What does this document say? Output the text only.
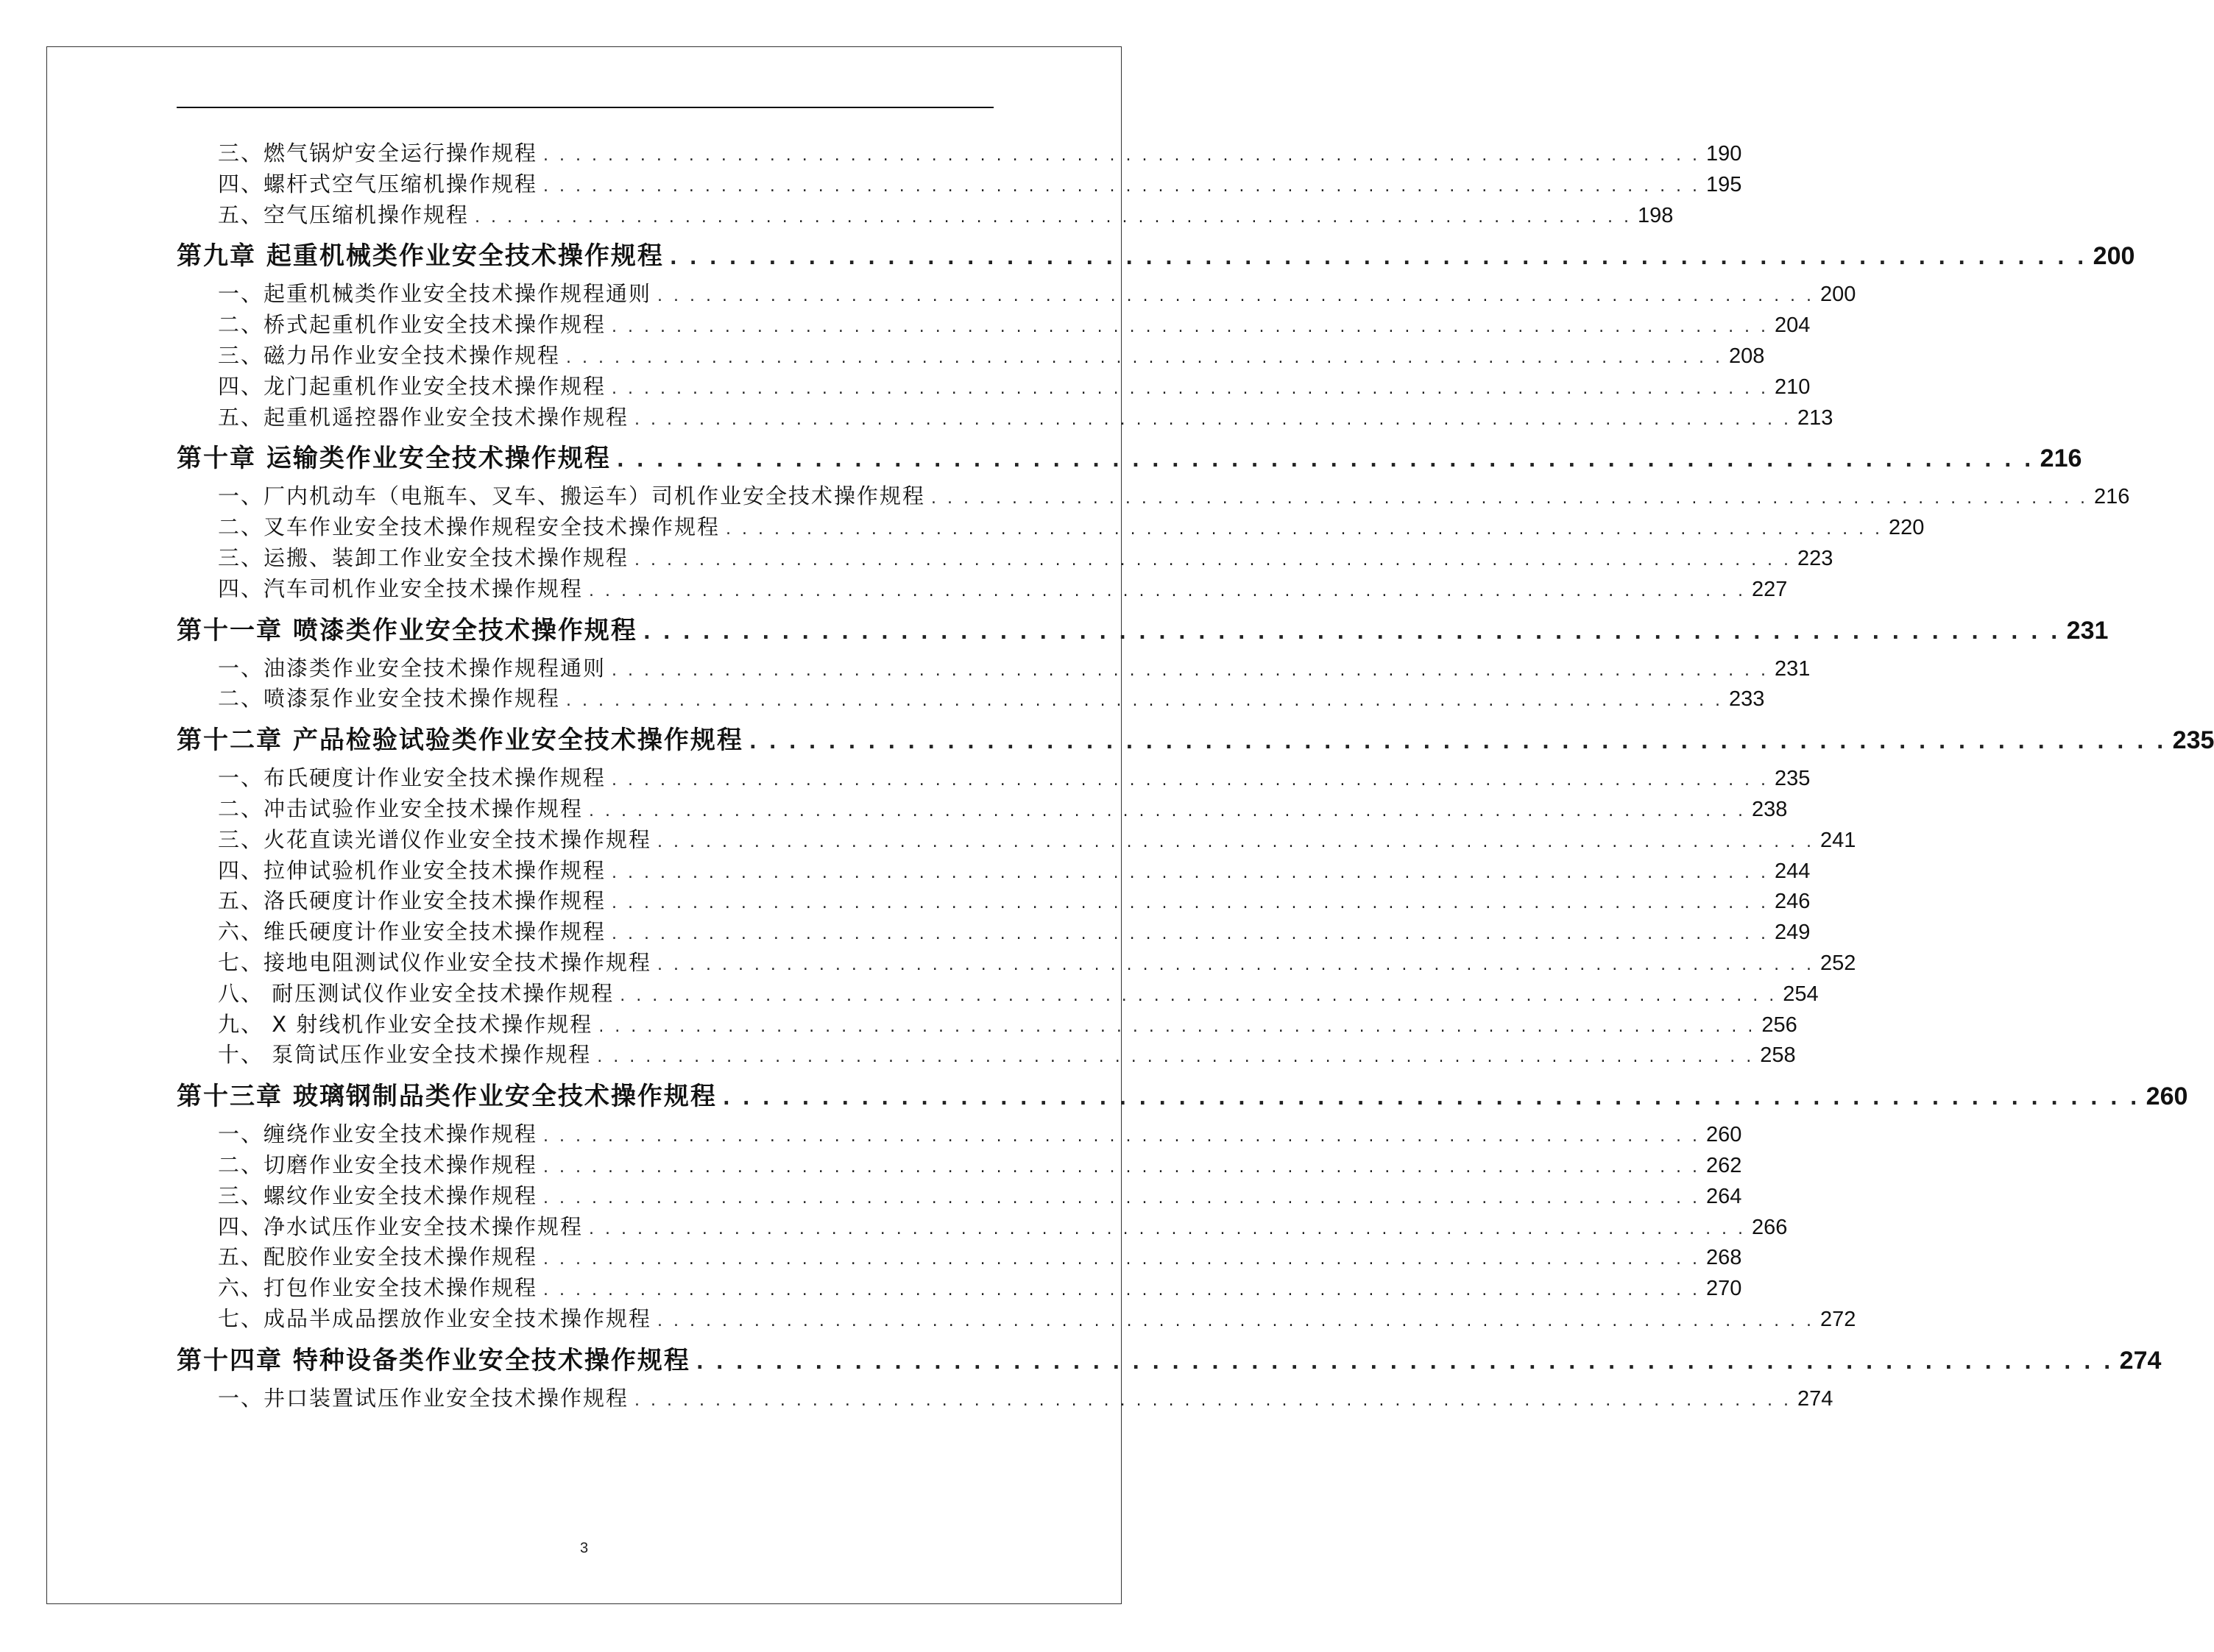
三、燃气锅炉安全运行操作规程 . . . . . . . . . . . . . . . . . . . . . . . . . . . . . . . . . . . . . . . . . . . . . . . . . . . . . . . . . . . . . . . . . . . . . . . . 190
四、螺杆式空气压缩机操作规程 . . . . . . . . . . . . . . . . . . . . . . . . . . . . . . . . . . . . . . . . . . . . . . . . . . . . . . . . . . . . . . . . . . . . . . . . 195
五、空气压缩机操作规程 . . . . . . . . . . . . . . . . . . . . . . . . . . . . . . . . . . . . . . . . . . . . . . . . . . . . . . . . . . . . . . . . . . . . . . . . 198
第九章 起重机械类作业安全技术操作规程 . . . . . . . . . . . . . . . . . . . . . . . . . . . . . . . . . . . . . . . . . . . . . . . . . . . . . . . . . . . . . . . . . . . . . . . . 200
一、起重机械类作业安全技术操作规程通则 . . . . . . . . . . . . . . . . . . . . . . . . . . . . . . . . . . . . . . . . . . . . . . . . . . . . . . . . . . . . . . . . . . . . . . . . 200
二、桥式起重机作业安全技术操作规程 . . . . . . . . . . . . . . . . . . . . . . . . . . . . . . . . . . . . . . . . . . . . . . . . . . . . . . . . . . . . . . . . . . . . . . . . 204
三、磁力吊作业安全技术操作规程 . . . . . . . . . . . . . . . . . . . . . . . . . . . . . . . . . . . . . . . . . . . . . . . . . . . . . . . . . . . . . . . . . . . . . . . . 208
四、龙门起重机作业安全技术操作规程 . . . . . . . . . . . . . . . . . . . . . . . . . . . . . . . . . . . . . . . . . . . . . . . . . . . . . . . . . . . . . . . . . . . . . . . . 210
五、起重机遥控器作业安全技术操作规程 . . . . . . . . . . . . . . . . . . . . . . . . . . . . . . . . . . . . . . . . . . . . . . . . . . . . . . . . . . . . . . . . . . . . . . . . 213
第十章 运输类作业安全技术操作规程 . . . . . . . . . . . . . . . . . . . . . . . . . . . . . . . . . . . . . . . . . . . . . . . . . . . . . . . . . . . . . . . . . . . . . . . . 216
一、厂内机动车（电瓶车、叉车、搬运车）司机作业安全技术操作规程 . . . . . . . . . . . . . . . . . . . . . . . . . . . . . . . . . . . . . . . . . . . . . . . . . . . . . . . . . . . . . . . . . . . . . . . . 216
二、叉车作业安全技术操作规程安全技术操作规程 . . . . . . . . . . . . . . . . . . . . . . . . . . . . . . . . . . . . . . . . . . . . . . . . . . . . . . . . . . . . . . . . . . . . . . . . 220
三、运搬、装卸工作业安全技术操作规程 . . . . . . . . . . . . . . . . . . . . . . . . . . . . . . . . . . . . . . . . . . . . . . . . . . . . . . . . . . . . . . . . . . . . . . . . 223
四、汽车司机作业安全技术操作规程 . . . . . . . . . . . . . . . . . . . . . . . . . . . . . . . . . . . . . . . . . . . . . . . . . . . . . . . . . . . . . . . . . . . . . . . . 227
第十一章 喷漆类作业安全技术操作规程 . . . . . . . . . . . . . . . . . . . . . . . . . . . . . . . . . . . . . . . . . . . . . . . . . . . . . . . . . . . . . . . . . . . . . . . . 231
一、油漆类作业安全技术操作规程通则 . . . . . . . . . . . . . . . . . . . . . . . . . . . . . . . . . . . . . . . . . . . . . . . . . . . . . . . . . . . . . . . . . . . . . . . . 231
二、喷漆泵作业安全技术操作规程 . . . . . . . . . . . . . . . . . . . . . . . . . . . . . . . . . . . . . . . . . . . . . . . . . . . . . . . . . . . . . . . . . . . . . . . . 233
第十二章 产品检验试验类作业安全技术操作规程 . . . . . . . . . . . . . . . . . . . . . . . . . . . . . . . . . . . . . . . . . . . . . . . . . . . . . . . . . . . . . . . . . . . . . . . . 235
一、布氏硬度计作业安全技术操作规程 . . . . . . . . . . . . . . . . . . . . . . . . . . . . . . . . . . . . . . . . . . . . . . . . . . . . . . . . . . . . . . . . . . . . . . . . 235
二、冲击试验作业安全技术操作规程 . . . . . . . . . . . . . . . . . . . . . . . . . . . . . . . . . . . . . . . . . . . . . . . . . . . . . . . . . . . . . . . . . . . . . . . . 238
三、火花直读光谱仪作业安全技术操作规程 . . . . . . . . . . . . . . . . . . . . . . . . . . . . . . . . . . . . . . . . . . . . . . . . . . . . . . . . . . . . . . . . . . . . . . . . 241
四、拉伸试验机作业安全技术操作规程 . . . . . . . . . . . . . . . . . . . . . . . . . . . . . . . . . . . . . . . . . . . . . . . . . . . . . . . . . . . . . . . . . . . . . . . . 244
五、洛氏硬度计作业安全技术操作规程 . . . . . . . . . . . . . . . . . . . . . . . . . . . . . . . . . . . . . . . . . . . . . . . . . . . . . . . . . . . . . . . . . . . . . . . . 246
六、维氏硬度计作业安全技术操作规程 . . . . . . . . . . . . . . . . . . . . . . . . . . . . . . . . . . . . . . . . . . . . . . . . . . . . . . . . . . . . . . . . . . . . . . . . 249
七、接地电阻测试仪作业安全技术操作规程 . . . . . . . . . . . . . . . . . . . . . . . . . . . . . . . . . . . . . . . . . . . . . . . . . . . . . . . . . . . . . . . . . . . . . . . . 252
八、 耐压测试仪作业安全技术操作规程 . . . . . . . . . . . . . . . . . . . . . . . . . . . . . . . . . . . . . . . . . . . . . . . . . . . . . . . . . . . . . . . . . . . . . . . . 254
九、 X 射线机作业安全技术操作规程 . . . . . . . . . . . . . . . . . . . . . . . . . . . . . . . . . . . . . . . . . . . . . . . . . . . . . . . . . . . . . . . . . . . . . . . . 256
十、 泵筒试压作业安全技术操作规程 . . . . . . . . . . . . . . . . . . . . . . . . . . . . . . . . . . . . . . . . . . . . . . . . . . . . . . . . . . . . . . . . . . . . . . . . 258
第十三章 玻璃钢制品类作业安全技术操作规程 . . . . . . . . . . . . . . . . . . . . . . . . . . . . . . . . . . . . . . . . . . . . . . . . . . . . . . . . . . . . . . . . . . . . . . . . 260
一、缠绕作业安全技术操作规程 . . . . . . . . . . . . . . . . . . . . . . . . . . . . . . . . . . . . . . . . . . . . . . . . . . . . . . . . . . . . . . . . . . . . . . . . 260
二、切磨作业安全技术操作规程 . . . . . . . . . . . . . . . . . . . . . . . . . . . . . . . . . . . . . . . . . . . . . . . . . . . . . . . . . . . . . . . . . . . . . . . . 262
三、螺纹作业安全技术操作规程 . . . . . . . . . . . . . . . . . . . . . . . . . . . . . . . . . . . . . . . . . . . . . . . . . . . . . . . . . . . . . . . . . . . . . . . . 264
四、净水试压作业安全技术操作规程 . . . . . . . . . . . . . . . . . . . . . . . . . . . . . . . . . . . . . . . . . . . . . . . . . . . . . . . . . . . . . . . . . . . . . . . . 266
五、配胶作业安全技术操作规程 . . . . . . . . . . . . . . . . . . . . . . . . . . . . . . . . . . . . . . . . . . . . . . . . . . . . . . . . . . . . . . . . . . . . . . . . 268
六、打包作业安全技术操作规程 . . . . . . . . . . . . . . . . . . . . . . . . . . . . . . . . . . . . . . . . . . . . . . . . . . . . . . . . . . . . . . . . . . . . . . . . 270
七、成品半成品摆放作业安全技术操作规程 . . . . . . . . . . . . . . . . . . . . . . . . . . . . . . . . . . . . . . . . . . . . . . . . . . . . . . . . . . . . . . . . . . . . . . . . 272
第十四章 特种设备类作业安全技术操作规程 . . . . . . . . . . . . . . . . . . . . . . . . . . . . . . . . . . . . . . . . . . . . . . . . . . . . . . . . . . . . . . . . . . . . . . . . 274
一、井口装置试压作业安全技术操作规程 . . . . . . . . . . . . . . . . . . . . . . . . . . . . . . . . . . . . . . . . . . . . . . . . . . . . . . . . . . . . . . . . . . . . . . . . 274
3
